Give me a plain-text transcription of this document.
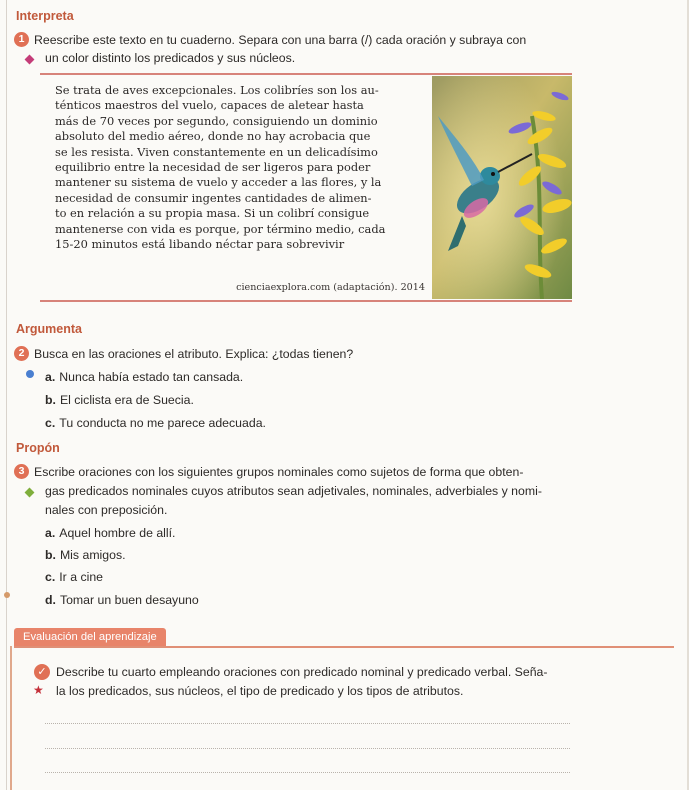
Interpreta
1 Reescribe este texto en tu cuaderno. Separa con una barra (/) cada oración y subraya con
un color distinto los predicados y sus núcleos.
Se trata de aves excepcionales. Los colibríes son los au-
ténticos maestros del vuelo, capaces de aletear hasta
más de 70 veces por segundo, consiguiendo un dominio
absoluto del medio aéreo, donde no hay acrobacia que
se les resista. Viven constantemente en un delicadísimo
equilibrio entre la necesidad de ser ligeros para poder
mantener su sistema de vuelo y acceder a las flores, y la
necesidad de consumir ingentes cantidades de alimen-
to en relación a su propia masa. Si un colibrí consigue
mantenerse con vida es porque, por término medio, cada
15-20 minutos está libando néctar para sobrevivir
cienciaexplora.com (adaptación). 2014
Argumenta
2 Busca en las oraciones el atributo. Explica: ¿todas tienen?
a. Nunca había estado tan cansada.
b. El ciclista era de Suecia.
c. Tu conducta no me parece adecuada.
Propón
3 Escribe oraciones con los siguientes grupos nominales como sujetos de forma que obten-
gas predicados nominales cuyos atributos sean adjetivales, nominales, adverbiales y nomi-
nales con preposición.
a. Aquel hombre de allí.
b. Mis amigos.
c. Ir a cine
d. Tomar un buen desayuno
Evaluación del aprendizaje
✓ Describe tu cuarto empleando oraciones con predicado nominal y predicado verbal. Seña-
★ la los predicados, sus núcleos, el tipo de predicado y los tipos de atributos.
